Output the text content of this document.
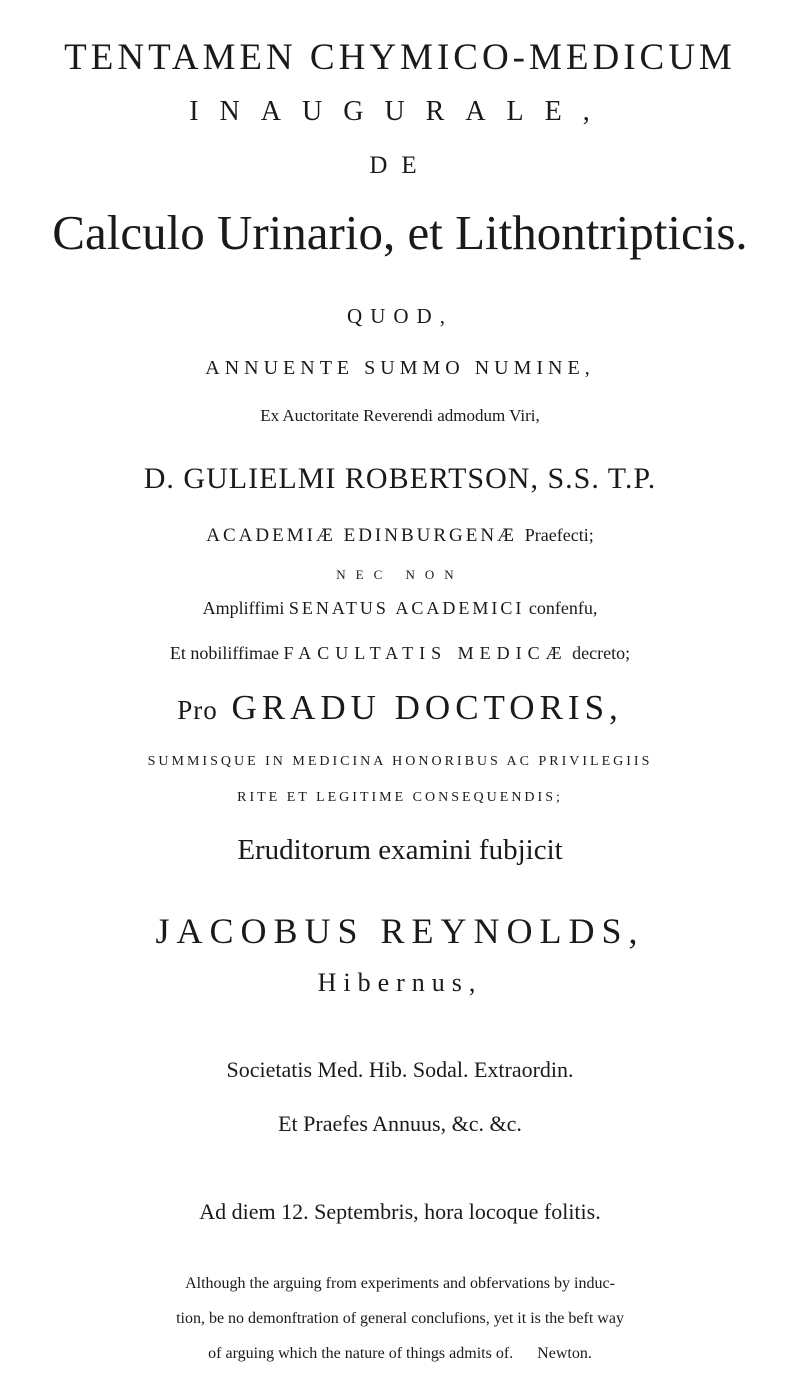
TENTAMEN CHYMICO-MEDICUM
INAUGURALE,
DE
Calculo Urinario, et Lithontripticis.
QUOD,
ANNUENTE SUMMO NUMINE,
Ex Auctoritate Reverendi admodum Viri,
D. GULIELMI ROBERTSON, S.S. T.P.
ACADEMIÆ EDINBURGENÆ Praefecti;
NEC NON
Ampliffimi SENATUS ACADEMICI confenfu,
Et nobiliffimae FACULTATIS MEDICÆ decreto;
Pro GRADU DOCTORIS,
SUMMISQUE IN MEDICINA HONORIBUS AC PRIVILEGIIS
RITE ET LEGITIME CONSEQUENDIS;
Eruditorum examini fubjicit
JACOBUS REYNOLDS,
Hibernus,
Societatis Med. Hib. Sodal. Extraordin.
Et Praefes Annuus, &c. &c.
Ad diem 12. Septembris, hora locoque folitis.
Although the arguing from experiments and obfervations by induc-
tion, be no demonftration of general conclufions, yet it is the beft way
of arguing which the nature of things admits of. Newton.
